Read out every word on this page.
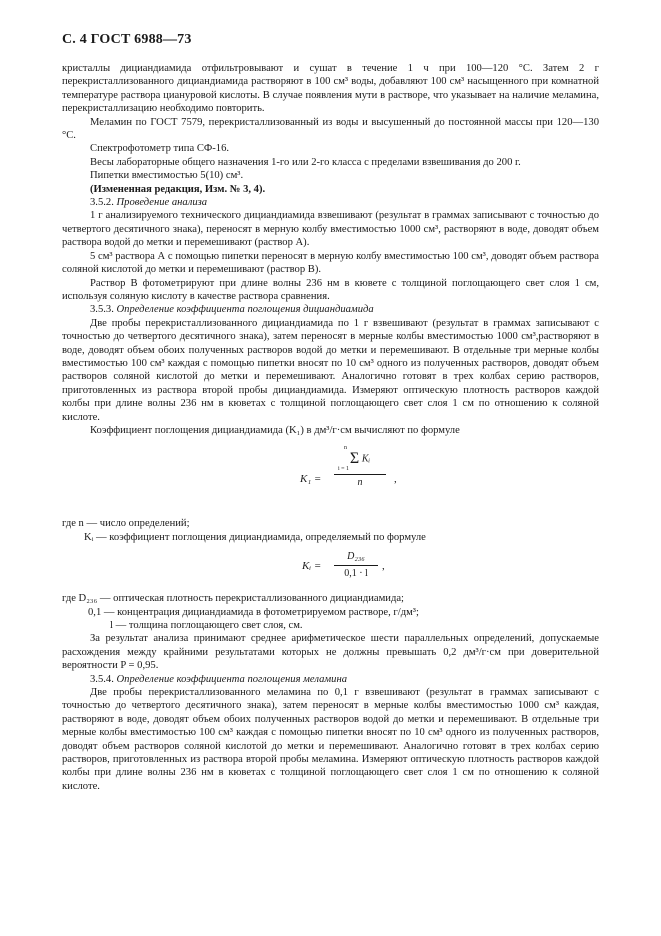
С. 4 ГОСТ 6988—73

кристаллы дициандиамида отфильтровывают и сушат в течение 1 ч при 100—120 °С. Затем 2 г перекристаллизованного дициандиамида растворяют в 100 см³ воды, добавляют 100 см³ насыщенного при комнатной температуре раствора циануровой кислоты. В случае появления мути в растворе, что указывает на наличие меламина, перекристаллизацию необходимо повторить.

Меламин по ГОСТ 7579, перекристаллизованный из воды и высушенный до постоянной массы при 120—130 °С.

Спектрофотометр типа СФ-16.

Весы лабораторные общего назначения 1-го или 2-го класса с пределами взвешивания до 200 г.

Пипетки вместимостью 5(10) см³.

(Измененная редакция, Изм. № 3, 4).

3.5.2. Проведение анализа

1 г анализируемого технического дициандиамида взвешивают (результат в граммах записывают с точностью до четвертого десятичного знака), переносят в мерную колбу вместимостью 1000 см³, растворяют в воде, доводят объем раствора водой до метки и перемешивают (раствор А).

5 см³ раствора А с помощью пипетки переносят в мерную колбу вместимостью 100 см³, доводят объем раствора соляной кислотой до метки и перемешивают (раствор В).

Раствор В фотометрируют при длине волны 236 нм в кювете с толщиной поглощающего свет слоя 1 см, используя соляную кислоту в качестве раствора сравнения.

3.5.3. Определение коэффициента поглощения дициандиамида

Две пробы перекристаллизованного дициандиамида по 1 г взвешивают (результат в граммах записывают с точностью до четвертого десятичного знака), затем переносят в мерные колбы вместимостью 1000 см³,растворяют в воде, доводят объем обоих полученных растворов водой до метки и перемешивают. В отдельные три мерные колбы вместимостью 100 см³ каждая с помощью пипетки вносят по 10 см³ одного из полученных растворов, доводят объем растворов соляной кислотой до метки и перемешивают. Аналогично готовят в трех колбах серию растворов, приготовленных из раствора второй пробы дициандиамида. Измеряют оптическую плотность растворов каждой колбы при длине волны 236 нм в кюветах с толщиной поглощающего свет слоя 1 см по отношению к соляной кислоте.

Коэффициент поглощения дициандиамида (K₁) в дм³/г·см вычисляют по формуле

K₁ =
n
Σ Kᵢ
i = 1
n	,

где n — число определений;

Kᵢ — коэффициент поглощения дициандиамида, определяемый по формуле

Kᵢ = $\frac{\text{D₂₃₆}}{0,1 \cdot l}$ ,

где D₂₃₆ — оптическая плотность перекристаллизованного дициандиамида;

0,1 — концентрация дициандиамида в фотометрируемом растворе, г/дм³;

l — толщина поглощающего свет слоя, см.

За результат анализа принимают среднее арифметическое шести параллельных определений, допускаемые расхождения между крайними результатами которых не должны превышать 0,2 дм³/г·см при доверительной вероятности P = 0,95.

3.5.4. Определение коэффициента поглощения меламина

Две пробы перекристаллизованного меламина по 0,1 г взвешивают (результат в граммах записывают с точностью до четвертого десятичного знака), затем переносят в мерные колбы вместимостью 1000 см³ каждая, растворяют в воде, доводят объем обоих полученных растворов водой до метки и перемешивают. В отдельные три мерные колбы вместимостью 100 см³ каждая с помощью пипетки вносят по 10 см³ одного из полученных растворов, доводят объем растворов соляной кислотой до метки и перемешивают. Аналогично готовят в трех колбах серию растворов, приготовленных из раствора второй пробы меламина. Измеряют оптическую плотность растворов каждой колбы при длине волны 236 нм в кюветах с толщиной поглощающего свет слоя 1 см по отношению к соляной кислоте.
